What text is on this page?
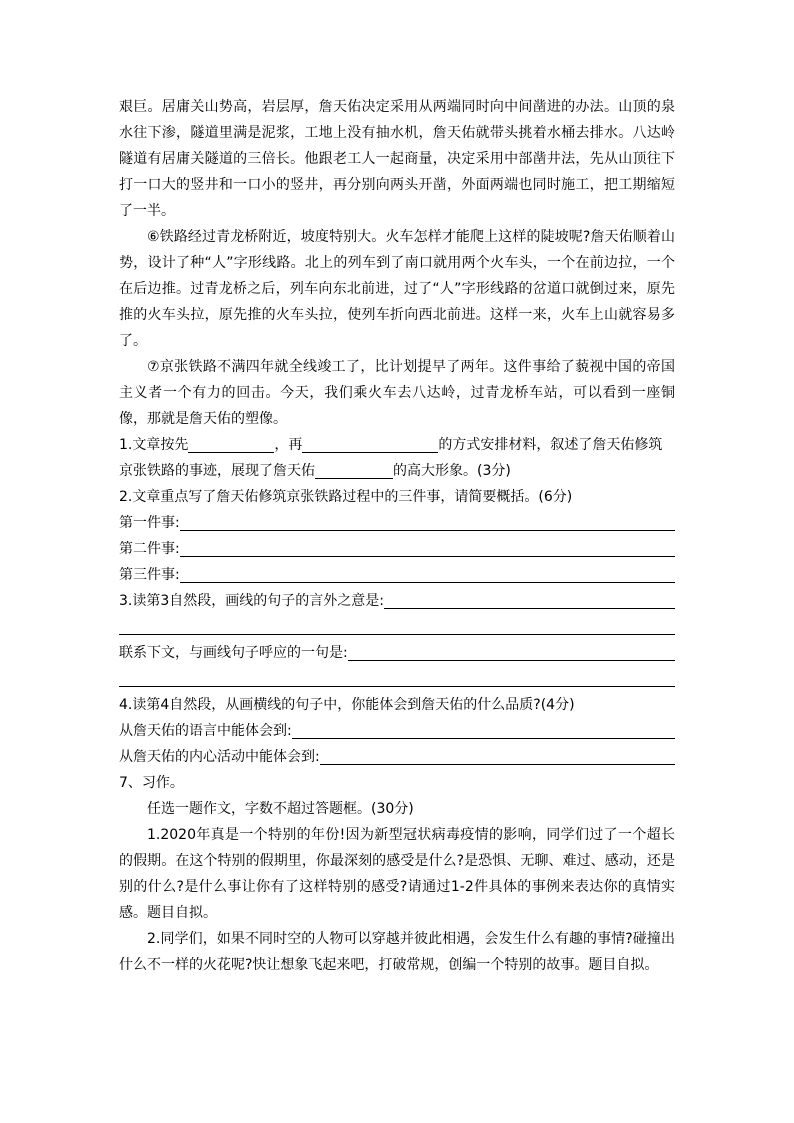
艰巨。居庸关山势高，岩层厚，詹天佑决定采用从两端同时向中间凿进的办法。山顶的泉水往下渗，隧道里满是泥浆，工地上没有抽水机，詹天佑就带头挑着水桶去排水。八达岭隧道有居庸关隧道的三倍长。他跟老工人一起商量，决定采用中部凿井法，先从山顶往下打一口大的竖井和一口小的竖井，再分别向两头开凿，外面两端也同时施工，把工期缩短了一半。

⑥铁路经过青龙桥附近，坡度特别大。火车怎样才能爬上这样的陡坡呢?詹天佑顺着山势，设计了种“人”字形线路。北上的列车到了南口就用两个火车头，一个在前边拉，一个在后边推。过青龙桥之后，列车向东北前进，过了“人”字形线路的岔道口就倒过来，原先推的火车头拉，原先推的火车头拉，使列车折向西北前进。这样一来，火车上山就容易多了。

⑦京张铁路不满四年就全线竣工了，比计划提早了两年。这件事给了藐视中国的帝国主义者一个有力的回击。今天，我们乘火车去八达岭，过青龙桥车站，可以看到一座铜像，那就是詹天佑的塑像。

1.文章按先	，再	的方式安排材料，叙述了詹天佑修筑
京张铁路的事迹，展现了詹天佑	的高大形象。(3分)
2.文章重点写了詹天佑修筑京张铁路过程中的三件事，请简要概括。(6分)
第一件事:
第二件事:
第三件事:
3.读第3自然段，画线的句子的言外之意是:
联系下文，与画线句子呼应的一句是:
4.读第4自然段，从画横线的句子中，你能体会到詹天佑的什么品质?(4分)
从詹天佑的语言中能体会到:
从詹天佑的内心活动中能体会到:
7、习作。

任选一题作文，字数不超过答题框。(30分)

1.2020年真是一个特别的年份!因为新型冠状病毒疫情的影响，同学们过了一个超长的假期。在这个特别的假期里，你最深刻的感受是什么?是恐惧、无聊、难过、感动，还是别的什么?是什么事让你有了这样特别的感受?请通过1-2件具体的事例来表达你的真情实感。题目自拟。

2.同学们，如果不同时空的人物可以穿越并彼此相遇，会发生什么有趣的事情?碰撞出什么不一样的火花呢?快让想象飞起来吧，打破常规，创编一个特别的故事。题目自拟。
